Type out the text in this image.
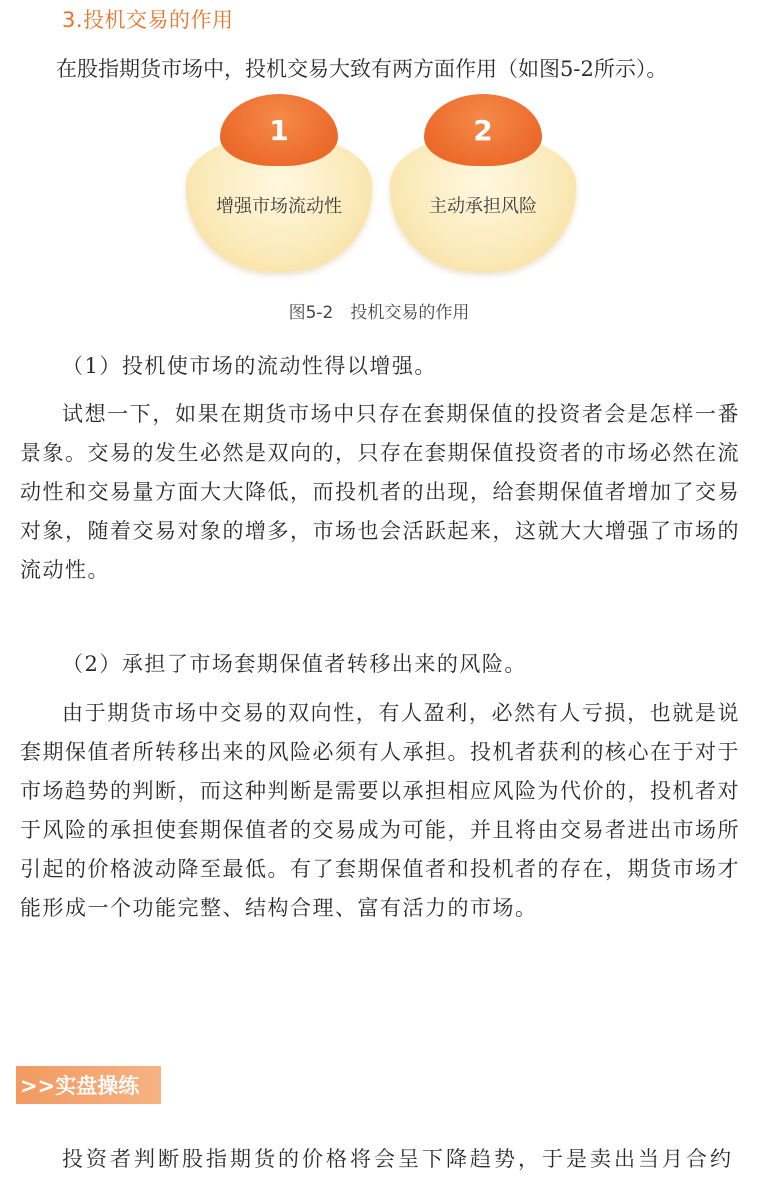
3.投机交易的作用
在股指期货市场中，投机交易大致有两方面作用（如图5-2所示）。
1
增强市场流动性
2
主动承担风险
图5-2　投机交易的作用
（1）投机使市场的流动性得以增强。
试想一下，如果在期货市场中只存在套期保值的投资者会是怎样一番景象。交易的发生必然是双向的，只存在套期保值投资者的市场必然在流动性和交易量方面大大降低，而投机者的出现，给套期保值者增加了交易对象，随着交易对象的增多，市场也会活跃起来，这就大大增强了市场的流动性。
（2）承担了市场套期保值者转移出来的风险。
由于期货市场中交易的双向性，有人盈利，必然有人亏损，也就是说套期保值者所转移出来的风险必须有人承担。投机者获利的核心在于对于市场趋势的判断，而这种判断是需要以承担相应风险为代价的，投机者对于风险的承担使套期保值者的交易成为可能，并且将由交易者进出市场所引起的价格波动降至最低。有了套期保值者和投机者的存在，期货市场才能形成一个功能完整、结构合理、富有活力的市场。
>>实盘操练
投资者判断股指期货的价格将会呈下降趋势，于是卖出当月合约
